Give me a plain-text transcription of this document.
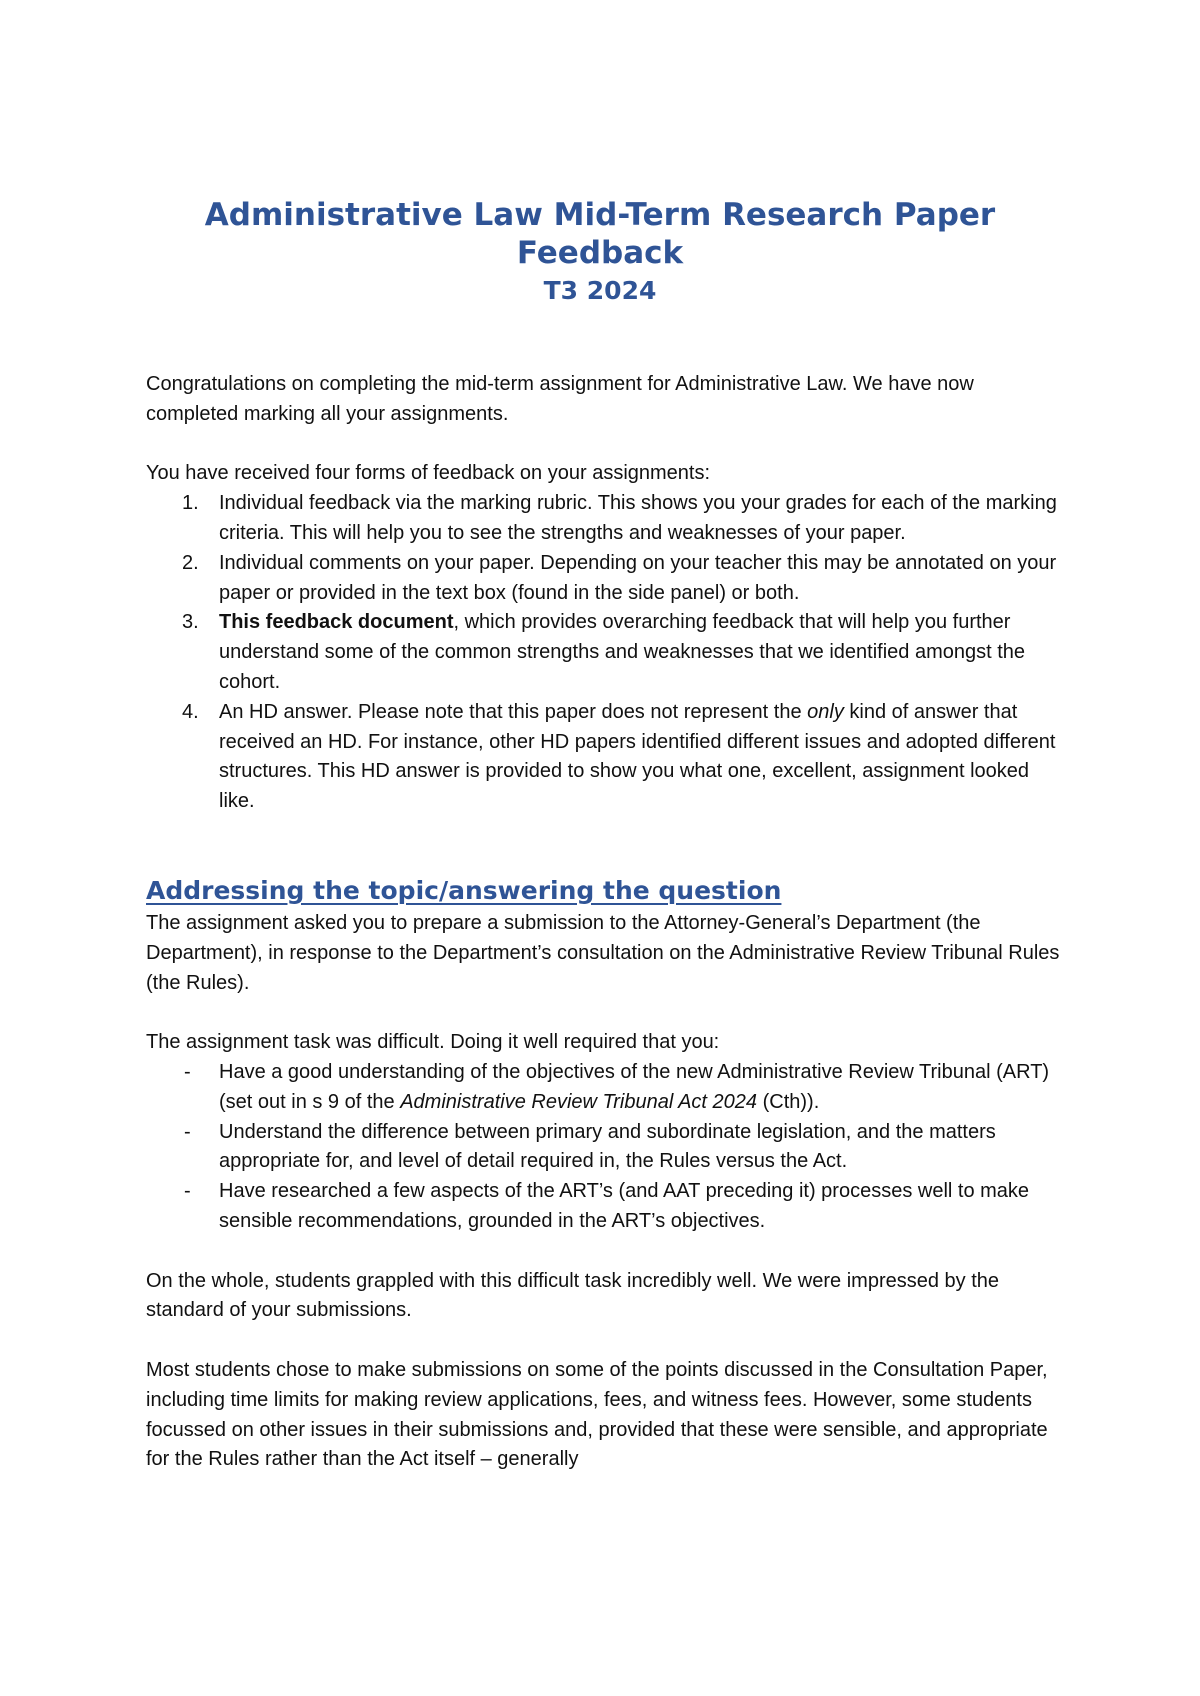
Administrative Law Mid-Term Research Paper
Feedback
T3 2024

Congratulations on completing the mid-term assignment for Administrative Law. We have now completed marking all your assignments.

You have received four forms of feedback on your assignments:

1. Individual feedback via the marking rubric. This shows you your grades for each of the marking criteria. This will help you to see the strengths and weaknesses of your paper.
2. Individual comments on your paper. Depending on your teacher this may be annotated on your paper or provided in the text box (found in the side panel) or both.
3. This feedback document, which provides overarching feedback that will help you further understand some of the common strengths and weaknesses that we identified amongst the cohort.
4. An HD answer. Please note that this paper does not represent the only kind of answer that received an HD. For instance, other HD papers identified different issues and adopted different structures. This HD answer is provided to show you what one, excellent, assignment looked like.
Addressing the topic/answering the question

The assignment asked you to prepare a submission to the Attorney-General’s Department (the Department), in response to the Department’s consultation on the Administrative Review Tribunal Rules (the Rules).

The assignment task was difficult. Doing it well required that you:

- Have a good understanding of the objectives of the new Administrative Review Tribunal (ART) (set out in s 9 of the Administrative Review Tribunal Act 2024 (Cth)).
- Understand the difference between primary and subordinate legislation, and the matters appropriate for, and level of detail required in, the Rules versus the Act.
- Have researched a few aspects of the ART’s (and AAT preceding it) processes well to make sensible recommendations, grounded in the ART’s objectives.

On the whole, students grappled with this difficult task incredibly well. We were impressed by the standard of your submissions.

Most students chose to make submissions on some of the points discussed in the Consultation Paper, including time limits for making review applications, fees, and witness fees. However, some students focussed on other issues in their submissions and, provided that these were sensible, and appropriate for the Rules rather than the Act itself – generally
